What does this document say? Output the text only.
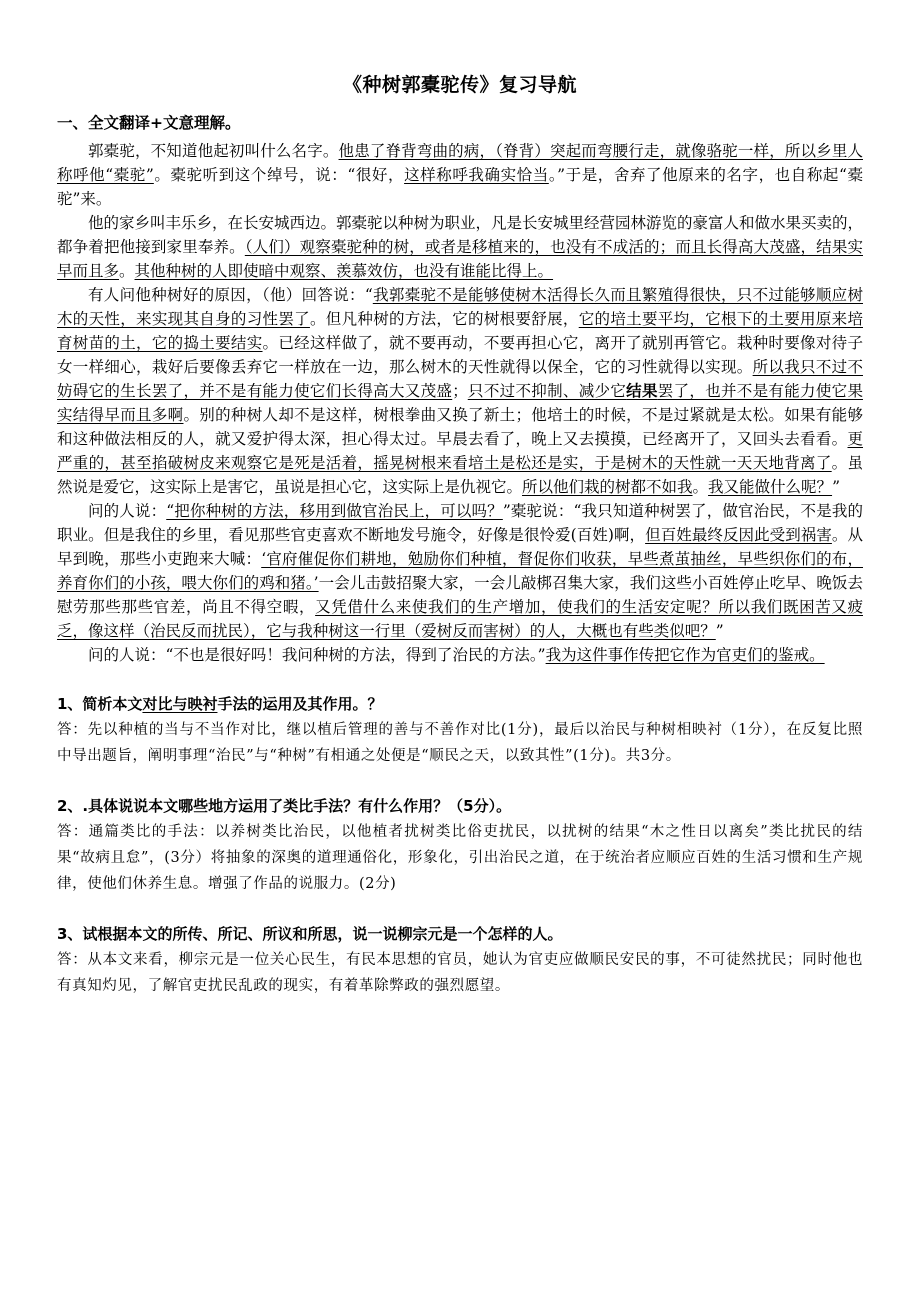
《种树郭橐驼传》复习导航
一、全文翻译+文意理解。

郭橐驼，不知道他起初叫什么名字。他患了脊背弯曲的病，（脊背）突起而弯腰行走，就像骆驼一样，所以乡里人称呼他“橐驼”。橐驼听到这个绰号，说：“很好，这样称呼我确实恰当。”于是，舍弃了他原来的名字，也自称起“橐驼”来。

他的家乡叫丰乐乡，在长安城西边。郭橐驼以种树为职业，凡是长安城里经营园林游览的豪富人和做水果买卖的，都争着把他接到家里奉养。（人们）观察橐驼种的树，或者是移植来的，也没有不成活的；而且长得高大茂盛，结果实早而且多。其他种树的人即使暗中观察、羡慕效仿，也没有谁能比得上。

有人问他种树好的原因，（他）回答说：“我郭橐驼不是能够使树木活得长久而且繁殖得很快，只不过能够顺应树木的天性，来实现其自身的习性罢了。但凡种树的方法，它的树根要舒展，它的培土要平均，它根下的土要用原来培育树苗的土，它的捣土要结实。已经这样做了，就不要再动，不要再担心它，离开了就别再管它。栽种时要像对待子女一样细心，栽好后要像丢弃它一样放在一边，那么树木的天性就得以保全，它的习性就得以实现。所以我只不过不妨碍它的生长罢了，并不是有能力使它们长得高大又茂盛；只不过不抑制、减少它结果罢了，也并不是有能力使它果实结得早而且多啊。别的种树人却不是这样，树根拳曲又换了新土；他培土的时候，不是过紧就是太松。如果有能够和这种做法相反的人，就又爱护得太深，担心得太过。早晨去看了，晚上又去摸摸，已经离开了，又回头去看看。更严重的，甚至掐破树皮来观察它是死是活着，摇晃树根来看培土是松还是实，于是树木的天性就一天天地背离了。虽然说是爱它，这实际上是害它，虽说是担心它，这实际上是仇视它。所以他们栽的树都不如我。我又能做什么呢？”

问的人说：“把你种树的方法，移用到做官治民上，可以吗？”橐驼说：“我只知道种树罢了，做官治民，不是我的职业。但是我住的乡里，看见那些官吏喜欢不断地发号施令，好像是很怜爱(百姓)啊，但百姓最终反因此受到祸害。从早到晚，那些小吏跑来大喊：‘官府催促你们耕地，勉励你们种植，督促你们收获，早些煮茧抽丝，早些织你们的布，养育你们的小孩，喂大你们的鸡和猪。’一会儿击鼓招聚大家，一会儿敲梆召集大家，我们这些小百姓停止吃早、晚饭去慰劳那些那些官差，尚且不得空暇，又凭借什么来使我们的生产增加，使我们的生活安定呢？所以我们既困苦又疲乏，像这样（治民反而扰民），它与我种树这一行里（爱树反而害树）的人，大概也有些类似吧？”

问的人说：“不也是很好吗！我问种树的方法，得到了治民的方法。”我为这件事作传把它作为官吏们的鉴戒。

1、简析本文对比与映衬手法的运用及其作用。？

答：先以种植的当与不当作对比，继以植后管理的善与不善作对比(1分)，最后以治民与种树相映衬（1分），在反复比照中导出题旨，阐明事理“治民”与“种树”有相通之处便是“顺民之天，以致其性”(1分)。共3分。

2、.具体说说本文哪些地方运用了类比手法？有什么作用？（5分）。

答：通篇类比的手法：以养树类比治民，以他植者扰树类比俗吏扰民，以扰树的结果“木之性日以离矣”类比扰民的结果“故病且怠”，(3分）将抽象的深奥的道理通俗化，形象化，引出治民之道，在于统治者应顺应百姓的生活习惯和生产规律，使他们休养生息。增强了作品的说服力。(2分)

3、试根据本文的所传、所记、所议和所思，说一说柳宗元是一个怎样的人。

答：从本文来看，柳宗元是一位关心民生，有民本思想的官员，她认为官吏应做顺民安民的事，不可徒然扰民；同时他也有真知灼见，了解官吏扰民乱政的现实，有着革除弊政的强烈愿望。
